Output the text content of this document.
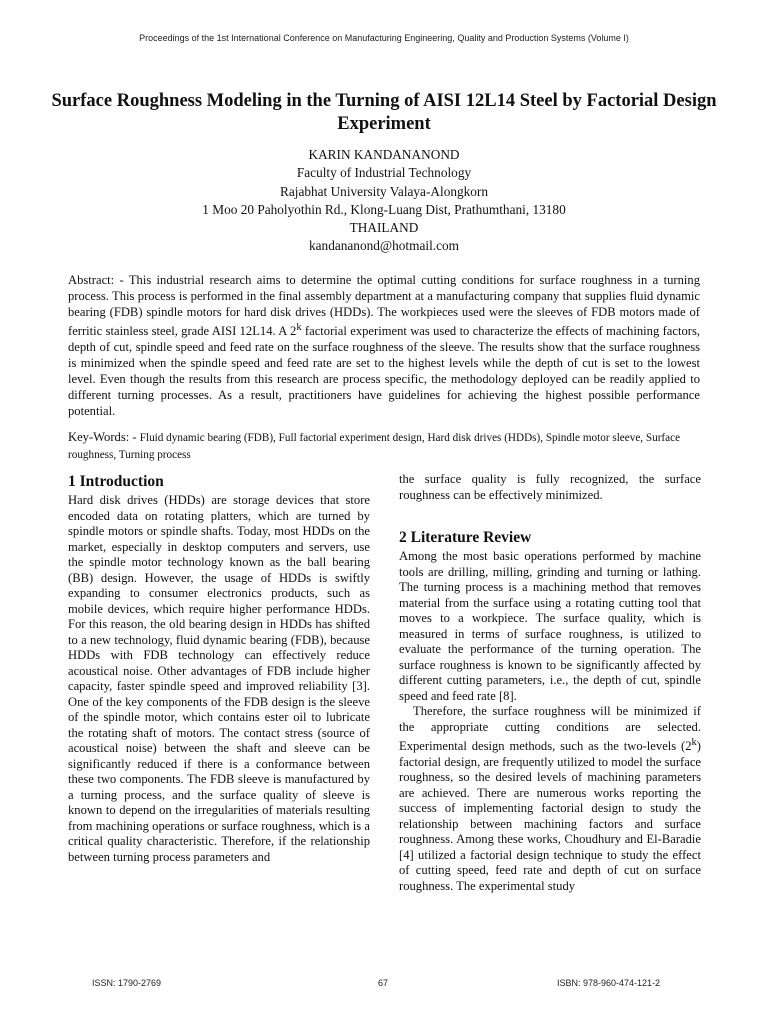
Proceedings of the 1st International Conference on Manufacturing Engineering, Quality and Production Systems (Volume I)
Surface Roughness Modeling in the Turning of AISI 12L14 Steel by Factorial Design Experiment
KARIN KANDANANOND
Faculty of Industrial Technology
Rajabhat University Valaya-Alongkorn
1 Moo 20 Paholyothin Rd., Klong-Luang Dist, Prathumthani, 13180
THAILAND
kandananond@hotmail.com

Abstract: - This industrial research aims to determine the optimal cutting conditions for surface roughness in a turning process. This process is performed in the final assembly department at a manufacturing company that supplies fluid dynamic bearing (FDB) spindle motors for hard disk drives (HDDs). The workpieces used were the sleeves of FDB motors made of ferritic stainless steel, grade AISI 12L14. A 2$^k$ factorial experiment was used to characterize the effects of machining factors, depth of cut, spindle speed and feed rate on the surface roughness of the sleeve. The results show that the surface roughness is minimized when the spindle speed and feed rate are set to the highest levels while the depth of cut is set to the lowest level. Even though the results from this research are process specific, the methodology deployed can be readily applied to different turning processes. As a result, practitioners have guidelines for achieving the highest possible performance potential.

Key-Words: - Fluid dynamic bearing (FDB), Full factorial experiment design, Hard disk drives (HDDs), Spindle motor sleeve, Surface roughness, Turning process

1 Introduction

Hard disk drives (HDDs) are storage devices that store encoded data on rotating platters, which are turned by spindle motors or spindle shafts. Today, most HDDs on the market, especially in desktop computers and servers, use the spindle motor technology known as the ball bearing (BB) design. However, the usage of HDDs is swiftly expanding to consumer electronics products, such as mobile devices, which require higher performance HDDs. For this reason, the old bearing design in HDDs has shifted to a new technology, fluid dynamic bearing (FDB), because HDDs with FDB technology can effectively reduce acoustical noise. Other advantages of FDB include higher capacity, faster spindle speed and improved reliability [3]. One of the key components of the FDB design is the sleeve of the spindle motor, which contains ester oil to lubricate the rotating shaft of motors. The contact stress (source of acoustical noise) between the shaft and sleeve can be significantly reduced if there is a conformance between these two components. The FDB sleeve is manufactured by a turning process, and the surface quality of sleeve is known to depend on the irregularities of materials resulting from machining operations or surface roughness, which is a critical quality characteristic. Therefore, if the relationship between turning process parameters and

the surface quality is fully recognized, the surface roughness can be effectively minimized.

2 Literature Review

Among the most basic operations performed by machine tools are drilling, milling, grinding and turning or lathing. The turning process is a machining method that removes material from the surface using a rotating cutting tool that moves to a workpiece. The surface quality, which is measured in terms of surface roughness, is utilized to evaluate the performance of the turning operation. The surface roughness is known to be significantly affected by different cutting parameters, i.e., the depth of cut, spindle speed and feed rate [8].

Therefore, the surface roughness will be minimized if the appropriate cutting conditions are selected. Experimental design methods, such as the two-levels (2$^k$) factorial design, are frequently utilized to model the surface roughness, so the desired levels of machining parameters are achieved. There are numerous works reporting the success of implementing factorial design to study the relationship between machining factors and surface roughness. Among these works, Choudhury and El-Baradie [4] utilized a factorial design technique to study the effect of cutting speed, feed rate and depth of cut on surface roughness. The experimental study

ISSN: 1790-2769	67	ISBN: 978-960-474-121-2
